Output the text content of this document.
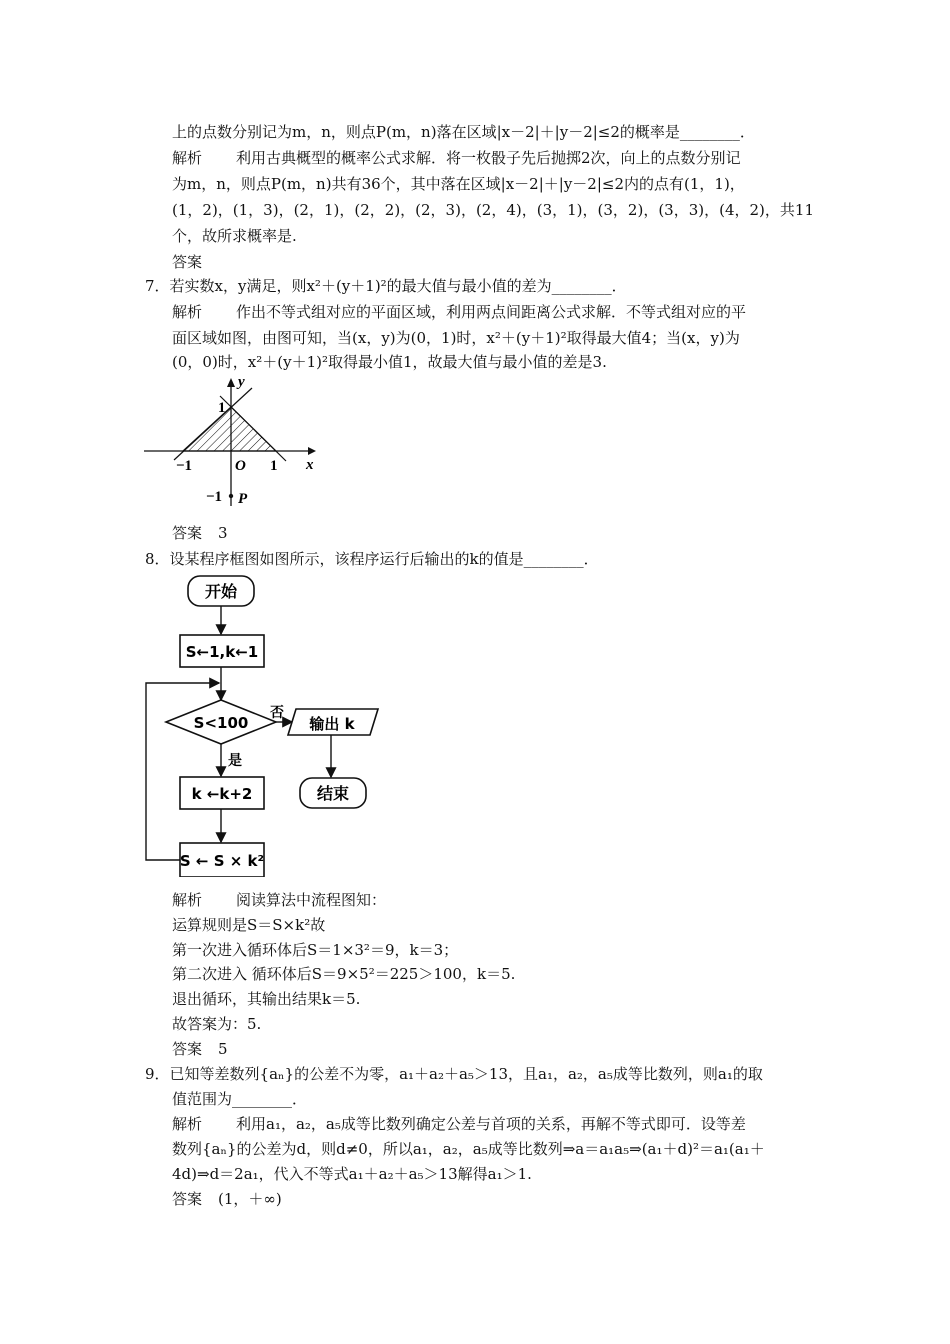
上的点数分别记为m，n，则点P(m，n)落在区域|x－2|＋|y－2|≤2的概率是________．
解析 利用古典概型的概率公式求解．将一枚骰子先后抛掷2次，向上的点数分别记
为m，n，则点P(m，n)共有36个，其中落在区域|x－2|＋|y－2|≤2内的点有(1，1)，
(1，2)，(1，3)，(2，1)，(2，2)，(2，3)，(2，4)，(3，1)，(3，2)，(3，3)，(4，2)，共11
个，故所求概率是.
答案
7．若实数x，y满足，则x²＋(y＋1)²的最大值与最小值的差为________．
解析 作出不等式组对应的平面区域，利用两点间距离公式求解．不等式组对应的平
面区域如图，由图可知，当(x，y)为(0，1)时，x²＋(y＋1)²取得最大值4；当(x，y)为
(0，0)时，x²＋(y＋1)²取得最小值1，故最大值与最小值的差是3.
y
x
O
−1	1
1
−1 P
答案 3
8．设某程序框图如图所示，该程序运行后输出的k的值是________．
开始
S←1,k←1
S<100
否
输出 k
结束
是
k ←k+2
S ← S × k²
解析 阅读算法中流程图知：
运算规则是S＝S×k²故
第一次进入循环体后S＝1×3²＝9，k＝3；
第二次进入 循环体后S＝9×5²＝225＞100，k＝5.
退出循环，其输出结果k＝5.
故答案为：5.
答案 5
9．已知等差数列{aₙ}的公差不为零，a₁＋a₂＋a₅＞13，且a₁，a₂，a₅成等比数列，则a₁的取
值范围为________．
解析 利用a₁，a₂，a₅成等比数列确定公差与首项的关系，再解不等式即可．设等差
数列{aₙ}的公差为d，则d≠0，所以a₁，a₂，a₅成等比数列⇒a＝a₁a₅⇒(a₁＋d)²＝a₁(a₁＋
4d)⇒d＝2a₁，代入不等式a₁＋a₂＋a₅＞13解得a₁＞1.
答案 (1，＋∞)
